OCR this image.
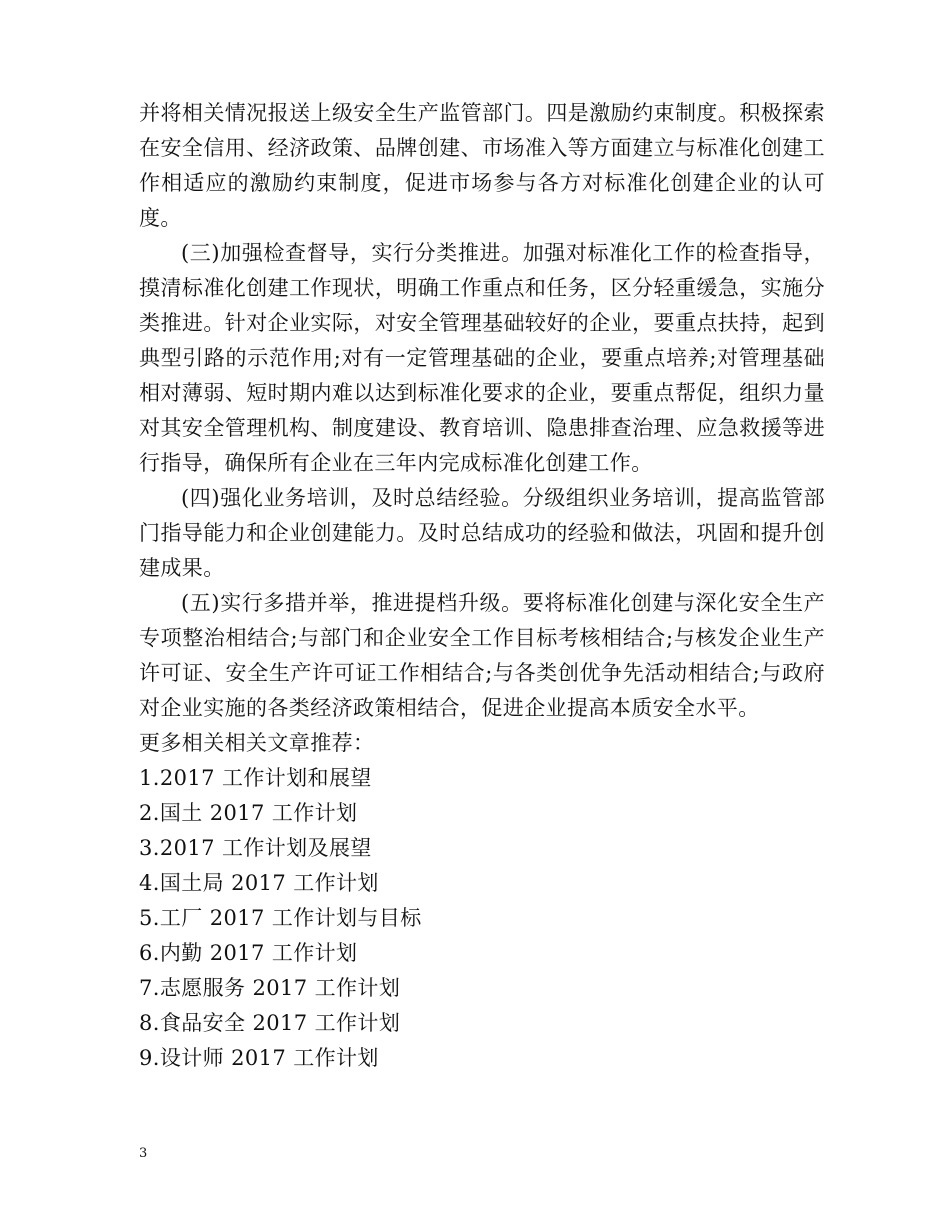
并将相关情况报送上级安全生产监管部门。四是激励约束制度。积极探索在安全信用、经济政策、品牌创建、市场准入等方面建立与标准化创建工作相适应的激励约束制度，促进市场参与各方对标准化创建企业的认可度。

(三)加强检查督导，实行分类推进。加强对标准化工作的检查指导，摸清标准化创建工作现状，明确工作重点和任务，区分轻重缓急，实施分类推进。针对企业实际，对安全管理基础较好的企业，要重点扶持，起到典型引路的示范作用;对有一定管理基础的企业，要重点培养;对管理基础相对薄弱、短时期内难以达到标准化要求的企业，要重点帮促，组织力量对其安全管理机构、制度建设、教育培训、隐患排查治理、应急救援等进行指导，确保所有企业在三年内完成标准化创建工作。

(四)强化业务培训，及时总结经验。分级组织业务培训，提高监管部门指导能力和企业创建能力。及时总结成功的经验和做法，巩固和提升创建成果。

(五)实行多措并举，推进提档升级。要将标准化创建与深化安全生产专项整治相结合;与部门和企业安全工作目标考核相结合;与核发企业生产许可证、安全生产许可证工作相结合;与各类创优争先活动相结合;与政府对企业实施的各类经济政策相结合，促进企业提高本质安全水平。

更多相关相关文章推荐：

1.2017 工作计划和展望
2.国土 2017 工作计划
3.2017 工作计划及展望
4.国土局 2017 工作计划
5.工厂 2017 工作计划与目标
6.内勤 2017 工作计划
7.志愿服务 2017 工作计划
8.食品安全 2017 工作计划
9.设计师 2017 工作计划
3
